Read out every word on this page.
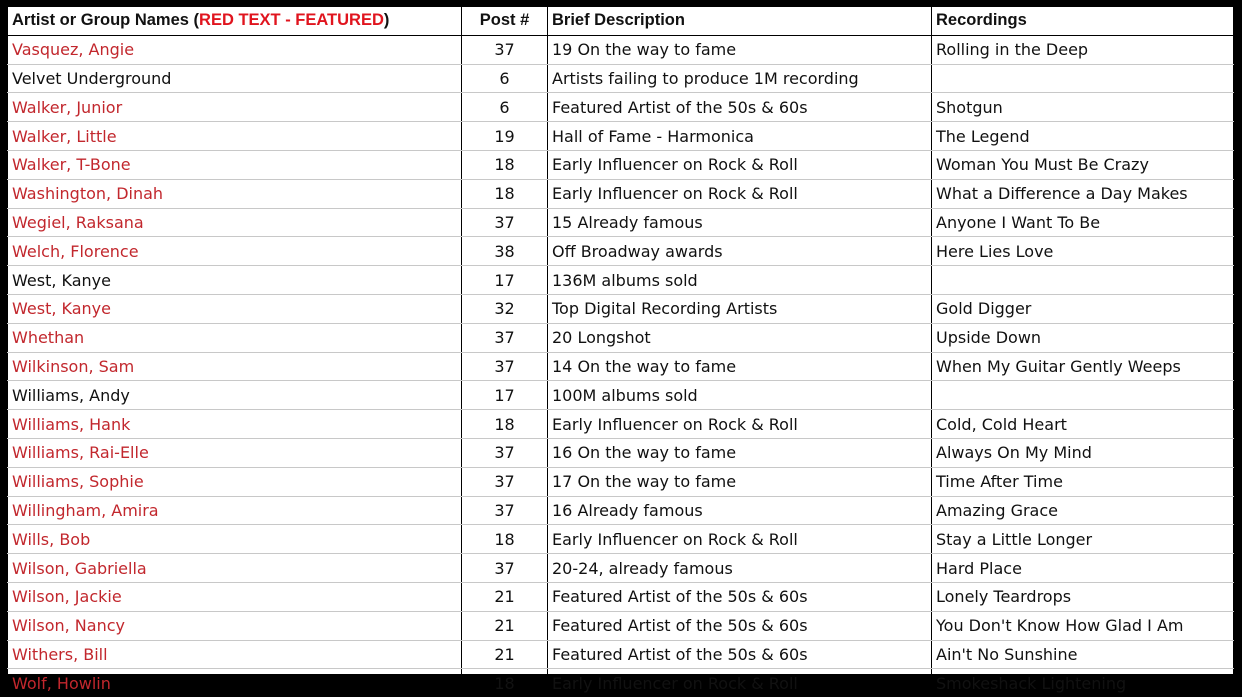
Artist or Group Names (RED TEXT - FEATURED)	Post #	Brief Description	Recordings
Vasquez, Angie	37	19 On the way to fame	Rolling in the Deep
Velvet Underground	6	Artists failing to produce 1M recording	
Walker, Junior	6	Featured Artist of the 50s & 60s	Shotgun
Walker, Little	19	Hall of Fame - Harmonica	The Legend
Walker, T-Bone	18	Early Influencer on Rock & Roll	Woman You Must Be Crazy
Washington, Dinah	18	Early Influencer on Rock & Roll	What a Difference a Day Makes
Wegiel, Raksana	37	15 Already famous	Anyone I Want To Be
Welch, Florence	38	Off Broadway awards	Here Lies Love
West, Kanye	17	136M albums sold	
West, Kanye	32	Top Digital Recording Artists	Gold Digger
Whethan	37	20 Longshot	Upside Down
Wilkinson, Sam	37	14 On the way to fame	When My Guitar Gently Weeps
Williams, Andy	17	100M albums sold	
Williams, Hank	18	Early Influencer on Rock & Roll	Cold, Cold Heart
Williams, Rai-Elle	37	16 On the way to fame	Always On My Mind
Williams, Sophie	37	17 On the way to fame	Time After Time
Willingham, Amira	37	16 Already famous	Amazing Grace
Wills, Bob	18	Early Influencer on Rock & Roll	Stay a Little Longer
Wilson, Gabriella	37	20-24, already famous	Hard Place
Wilson, Jackie	21	Featured Artist of the 50s & 60s	Lonely Teardrops
Wilson, Nancy	21	Featured Artist of the 50s & 60s	You Don't Know How Glad I Am
Withers, Bill	21	Featured Artist of the 50s & 60s	Ain't No Sunshine
Wolf, Howlin	18	Early Influencer on Rock & Roll	Smokeshack Lightening
